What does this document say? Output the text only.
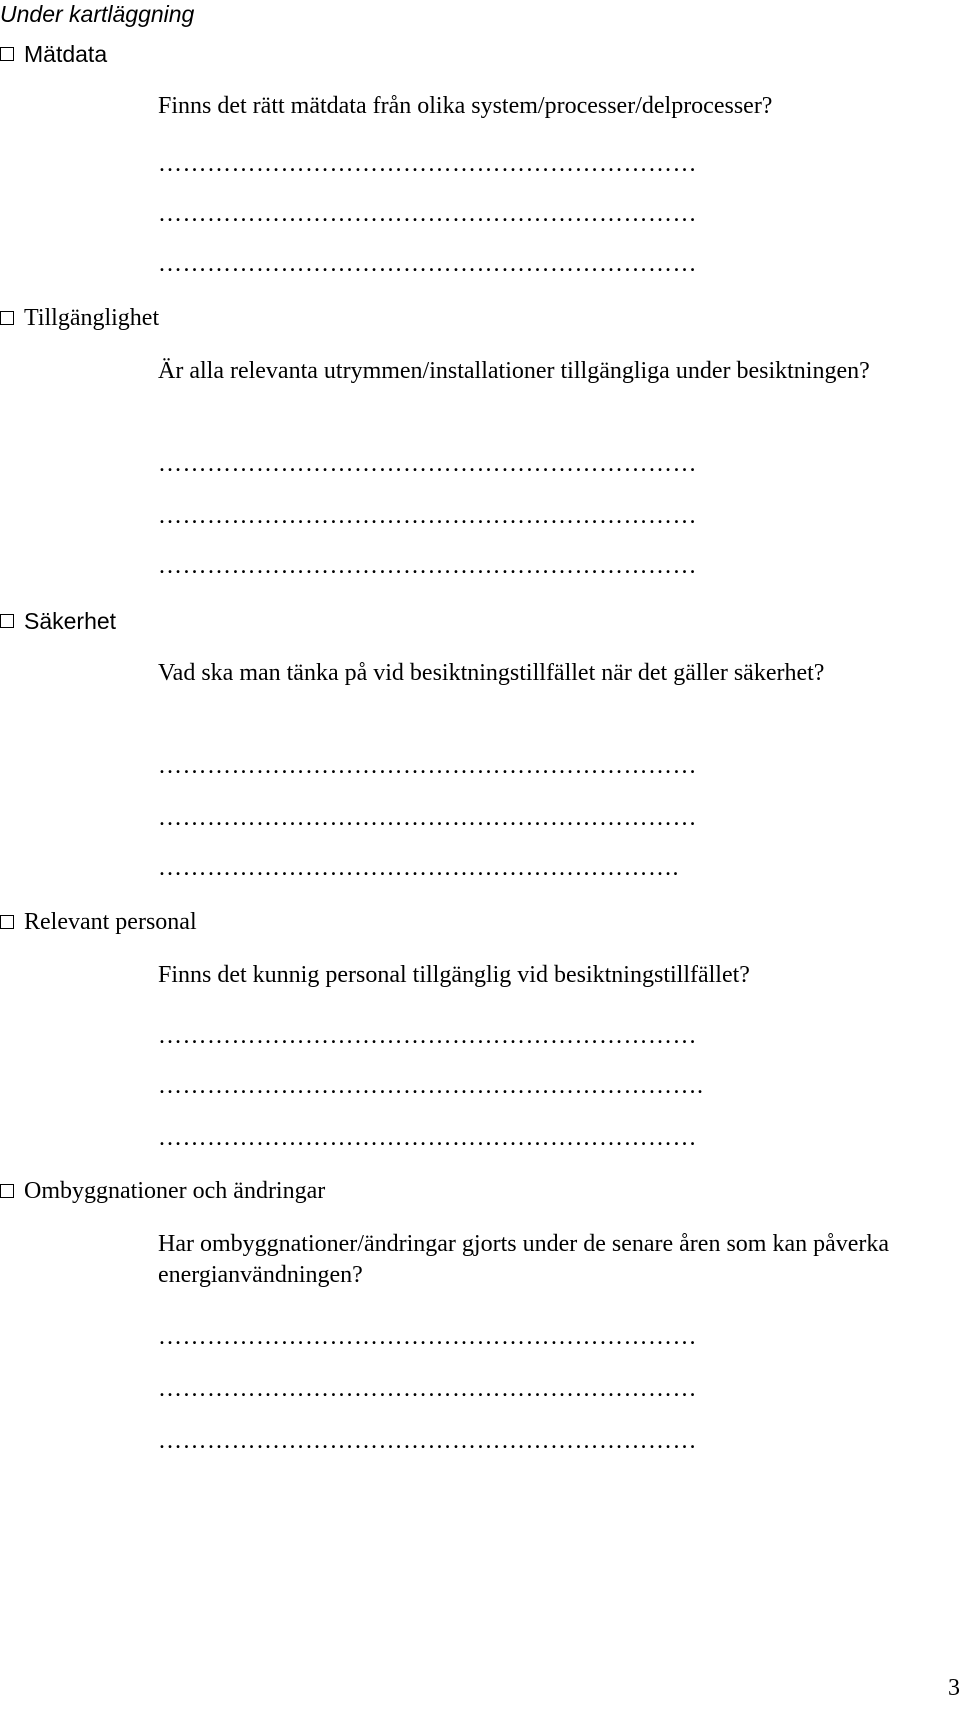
Under kartläggning
Mätdata
Finns det rätt mätdata från olika system/processer/delprocesser?
…………………………………………………………
…………………………………………………………
…………………………………………………………
Tillgänglighet
Är alla relevanta utrymmen/installationer tillgängliga under besiktningen?
…………………………………………………………
…………………………………………………………
…………………………………………………………
Säkerhet
Vad ska man tänka på vid besiktningstillfället när det gäller säkerhet?
…………………………………………………………
…………………………………………………………
……………………………………………………….
Relevant personal
Finns det kunnig personal tillgänglig vid besiktningstillfället?
…………………………………………………………
………………………………………………………….
…………………………………………………………
Ombyggnationer och ändringar
Har ombyggnationer/ändringar gjorts under de senare åren som kan påverka energianvändningen?
…………………………………………………………
…………………………………………………………
…………………………………………………………
3
